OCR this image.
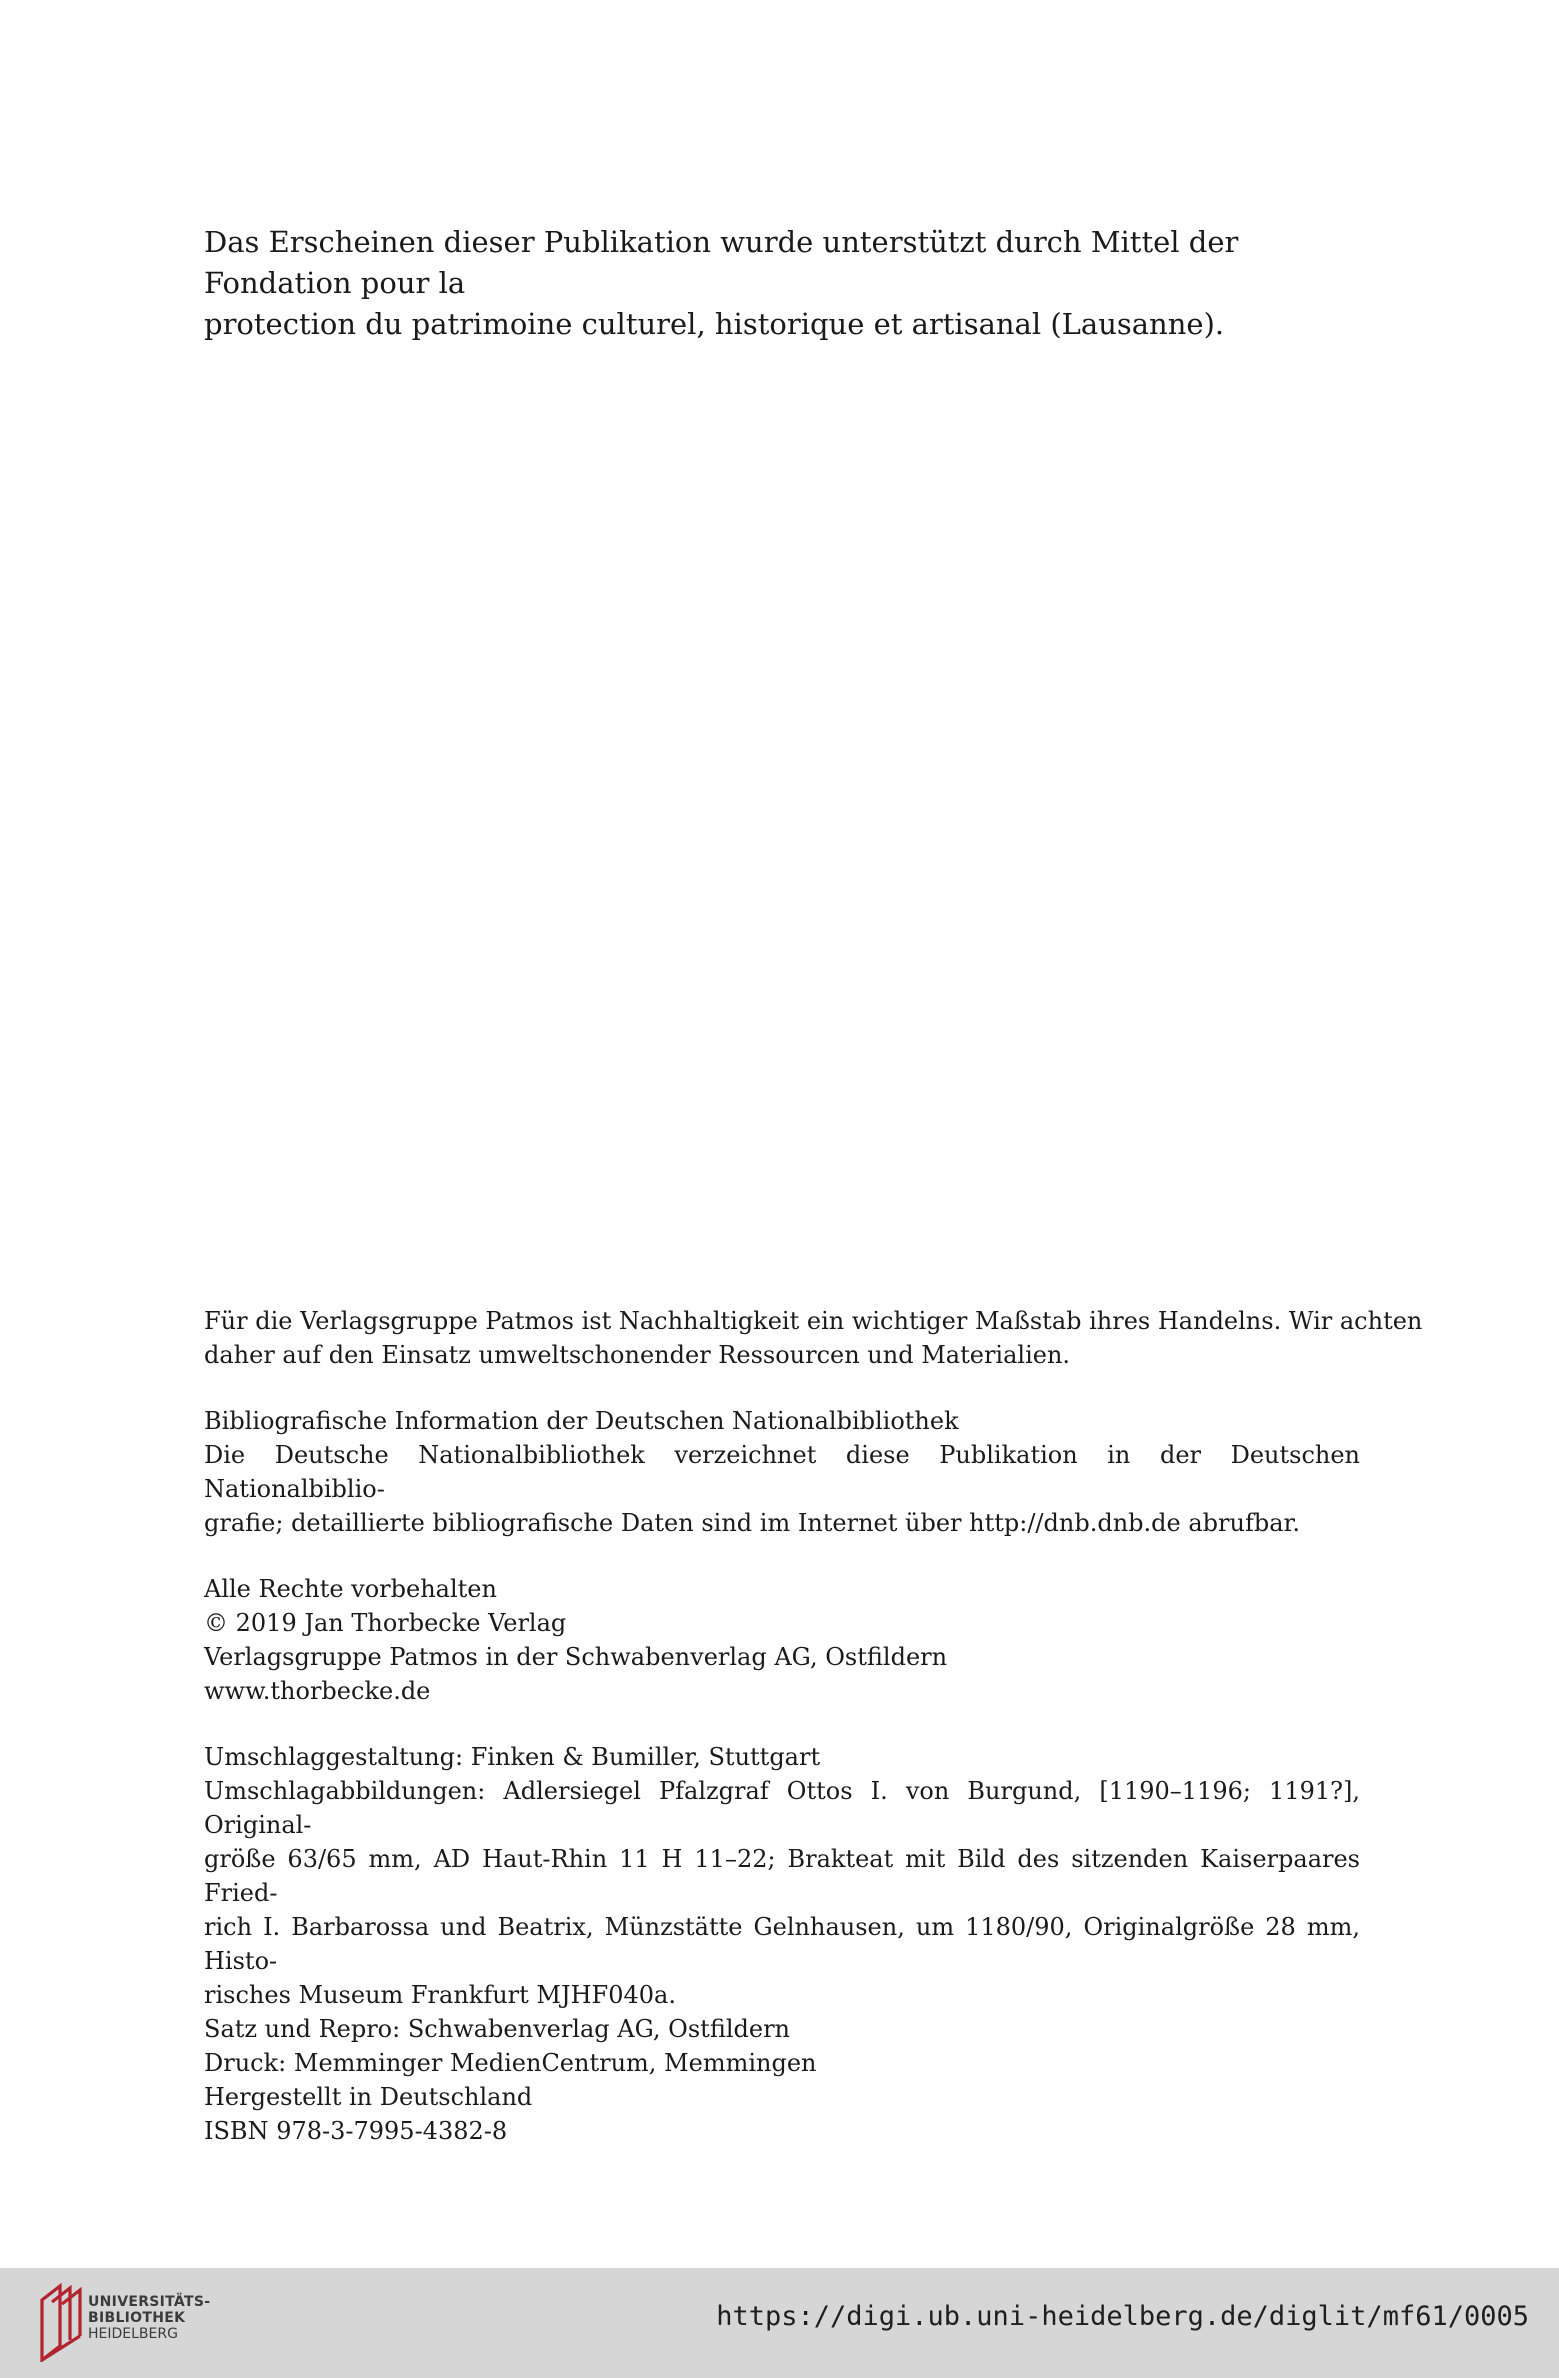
Das Erscheinen dieser Publikation wurde unterstützt durch Mittel der Fondation pour la

protection du patrimoine culturel, historique et artisanal (Lausanne).

Für die Verlagsgruppe Patmos ist Nachhaltigkeit ein wichtiger Maßstab ihres Handelns. Wir achten
daher auf den Einsatz umweltschonender Ressourcen und Materialien.
Bibliografische Information der Deutschen Nationalbibliothek
Die Deutsche Nationalbibliothek verzeichnet diese Publikation in der Deutschen Nationalbiblio-
grafie; detaillierte bibliografische Daten sind im Internet über http://dnb.dnb.de abrufbar.
Alle Rechte vorbehalten
© 2019 Jan Thorbecke Verlag
Verlagsgruppe Patmos in der Schwabenverlag AG, Ostfildern
www.thorbecke.de
Umschlaggestaltung: Finken & Bumiller, Stuttgart
Umschlagabbildungen: Adlersiegel Pfalzgraf Ottos I. von Burgund, [1190–1196; 1191?], Original-
größe 63/65 mm, AD Haut-Rhin 11 H 11–22; Brakteat mit Bild des sitzenden Kaiserpaares Fried-
rich I. Barbarossa und Beatrix, Münzstätte Gelnhausen, um 1180/90, Originalgröße 28 mm, Histo-
risches Museum Frankfurt MJHF040a.
Satz und Repro: Schwabenverlag AG, Ostfildern
Druck: Memminger MedienCentrum, Memmingen
Hergestellt in Deutschland
ISBN 978-3-7995-4382-8
UNIVERSITÄTS-
BIBLIOTHEK
HEIDELBERG
https://digi.ub.uni-heidelberg.de/diglit/mf61/0005
